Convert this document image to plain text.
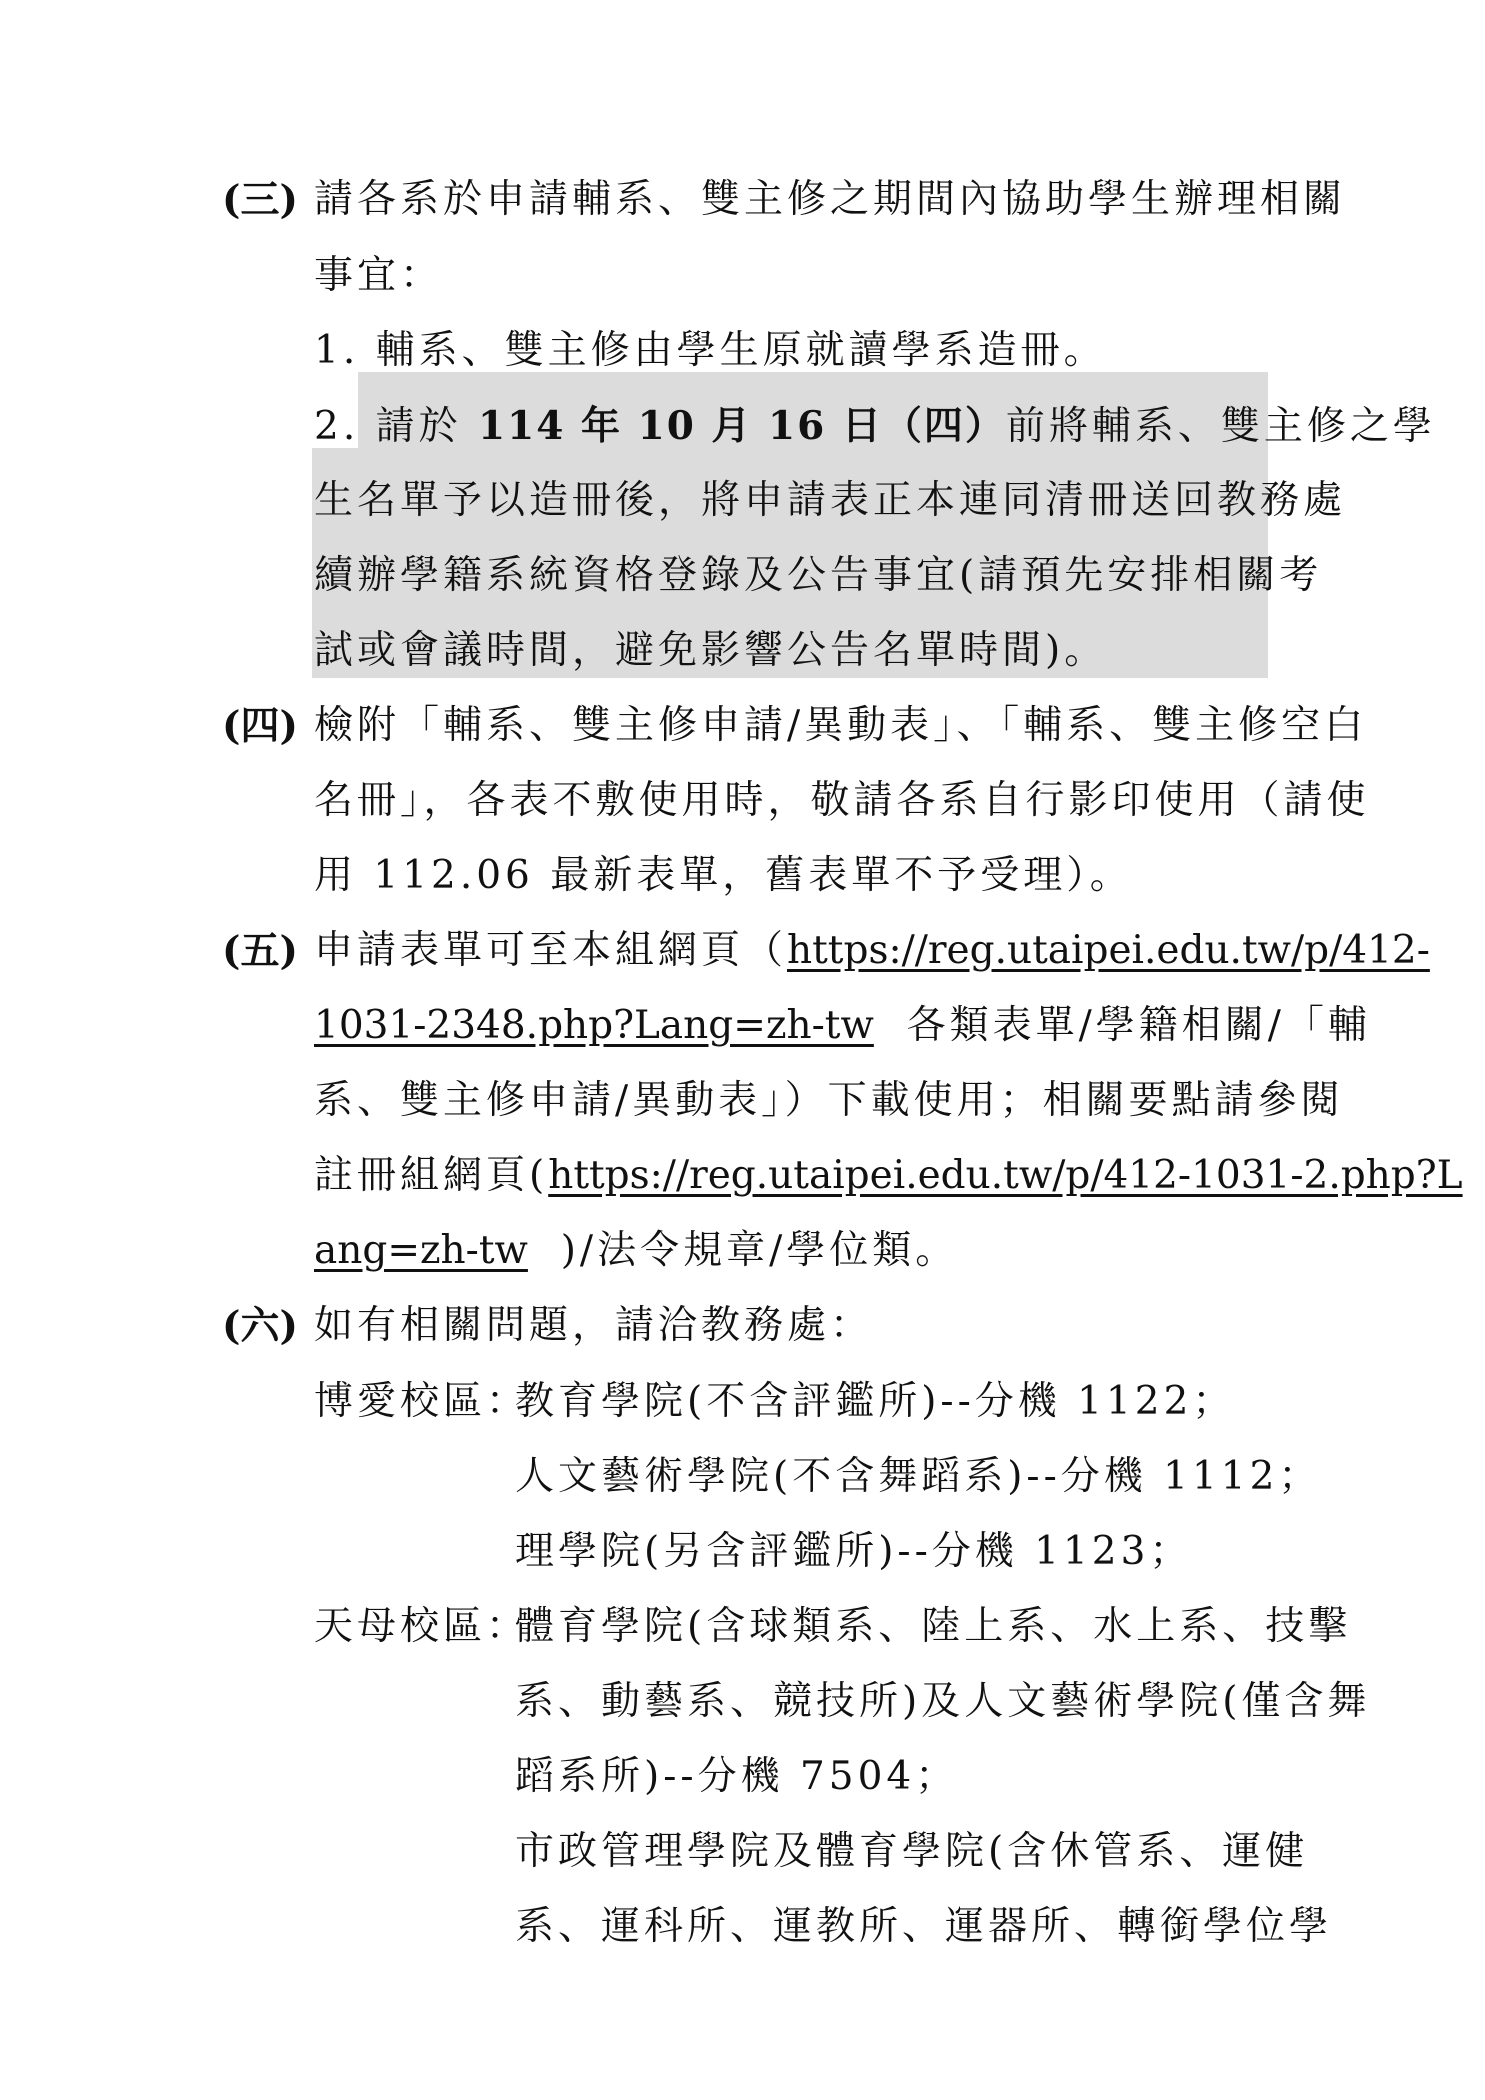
(三) 請各系於申請輔系、雙主修之期間內協助學生辦理相關
事宜：
1. 輔系、雙主修由學生原就讀學系造冊。
2. 請於 114 年 10 月 16 日（四）前將輔系、雙主修之學
生名單予以造冊後，將申請表正本連同清冊送回教務處
續辦學籍系統資格登錄及公告事宜(請預先安排相關考
試或會議時間，避免影響公告名單時間)。
(四) 檢附「輔系、雙主修申請/異動表」、「輔系、雙主修空白
名冊」，各表不敷使用時，敬請各系自行影印使用（請使
用 112.06 最新表單，舊表單不予受理）。
(五) 申請表單可至本組網頁（https://reg.utaipei.edu.tw/p/412-
1031-2348.php?Lang=zh-tw  各類表單/學籍相關/「輔
系、雙主修申請/異動表」）下載使用；相關要點請參閱
註冊組網頁(https://reg.utaipei.edu.tw/p/412-1031-2.php?L
ang=zh-tw  )/法令規章/學位類。
(六) 如有相關問題，請洽教務處：
博愛校區：
教育學院(不含評鑑所)--分機 1122；
人文藝術學院(不含舞蹈系)--分機 1112；
理學院(另含評鑑所)--分機 1123；
天母校區：
體育學院(含球類系、陸上系、水上系、技擊
系、動藝系、競技所)及人文藝術學院(僅含舞
蹈系所)--分機 7504；
市政管理學院及體育學院(含休管系、運健
系、運科所、運教所、運器所、轉銜學位學
